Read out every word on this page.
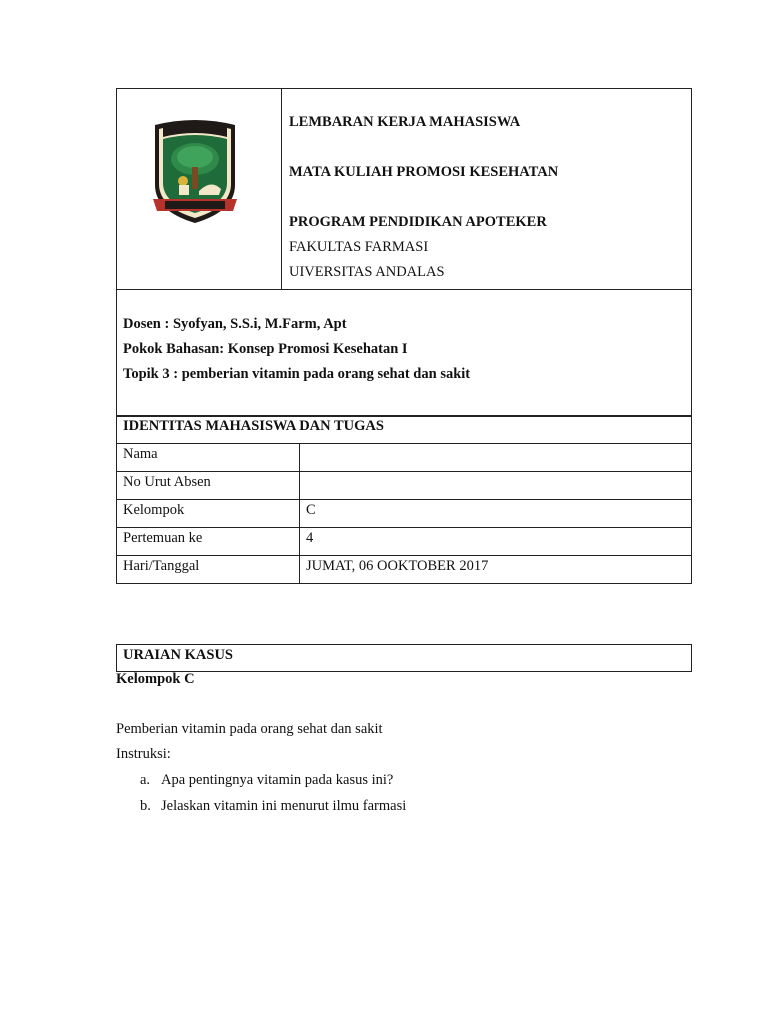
LEMBARAN KERJA MAHASISWA
MATA KULIAH PROMOSI KESEHATAN
PROGRAM PENDIDIKAN APOTEKER
FAKULTAS FARMASI
UIVERSITAS ANDALAS

Dosen : Syofyan, S.S.i, M.Farm, Apt
Pokok Bahasan: Konsep Promosi Kesehatan I
Topik 3 : pemberian vitamin pada orang sehat dan sakit
IDENTITAS MAHASISWA DAN TUGAS	
Nama	
No Urut Absen	
Kelompok	C
Pertemuan ke	4
Hari/Tanggal	JUMAT, 06 OOKTOBER 2017
URAIAN KASUS
Kelompok C
Pemberian vitamin pada orang sehat dan sakit
Instruksi:
a. Apa pentingnya vitamin pada kasus ini?
b. Jelaskan vitamin ini menurut ilmu farmasi
